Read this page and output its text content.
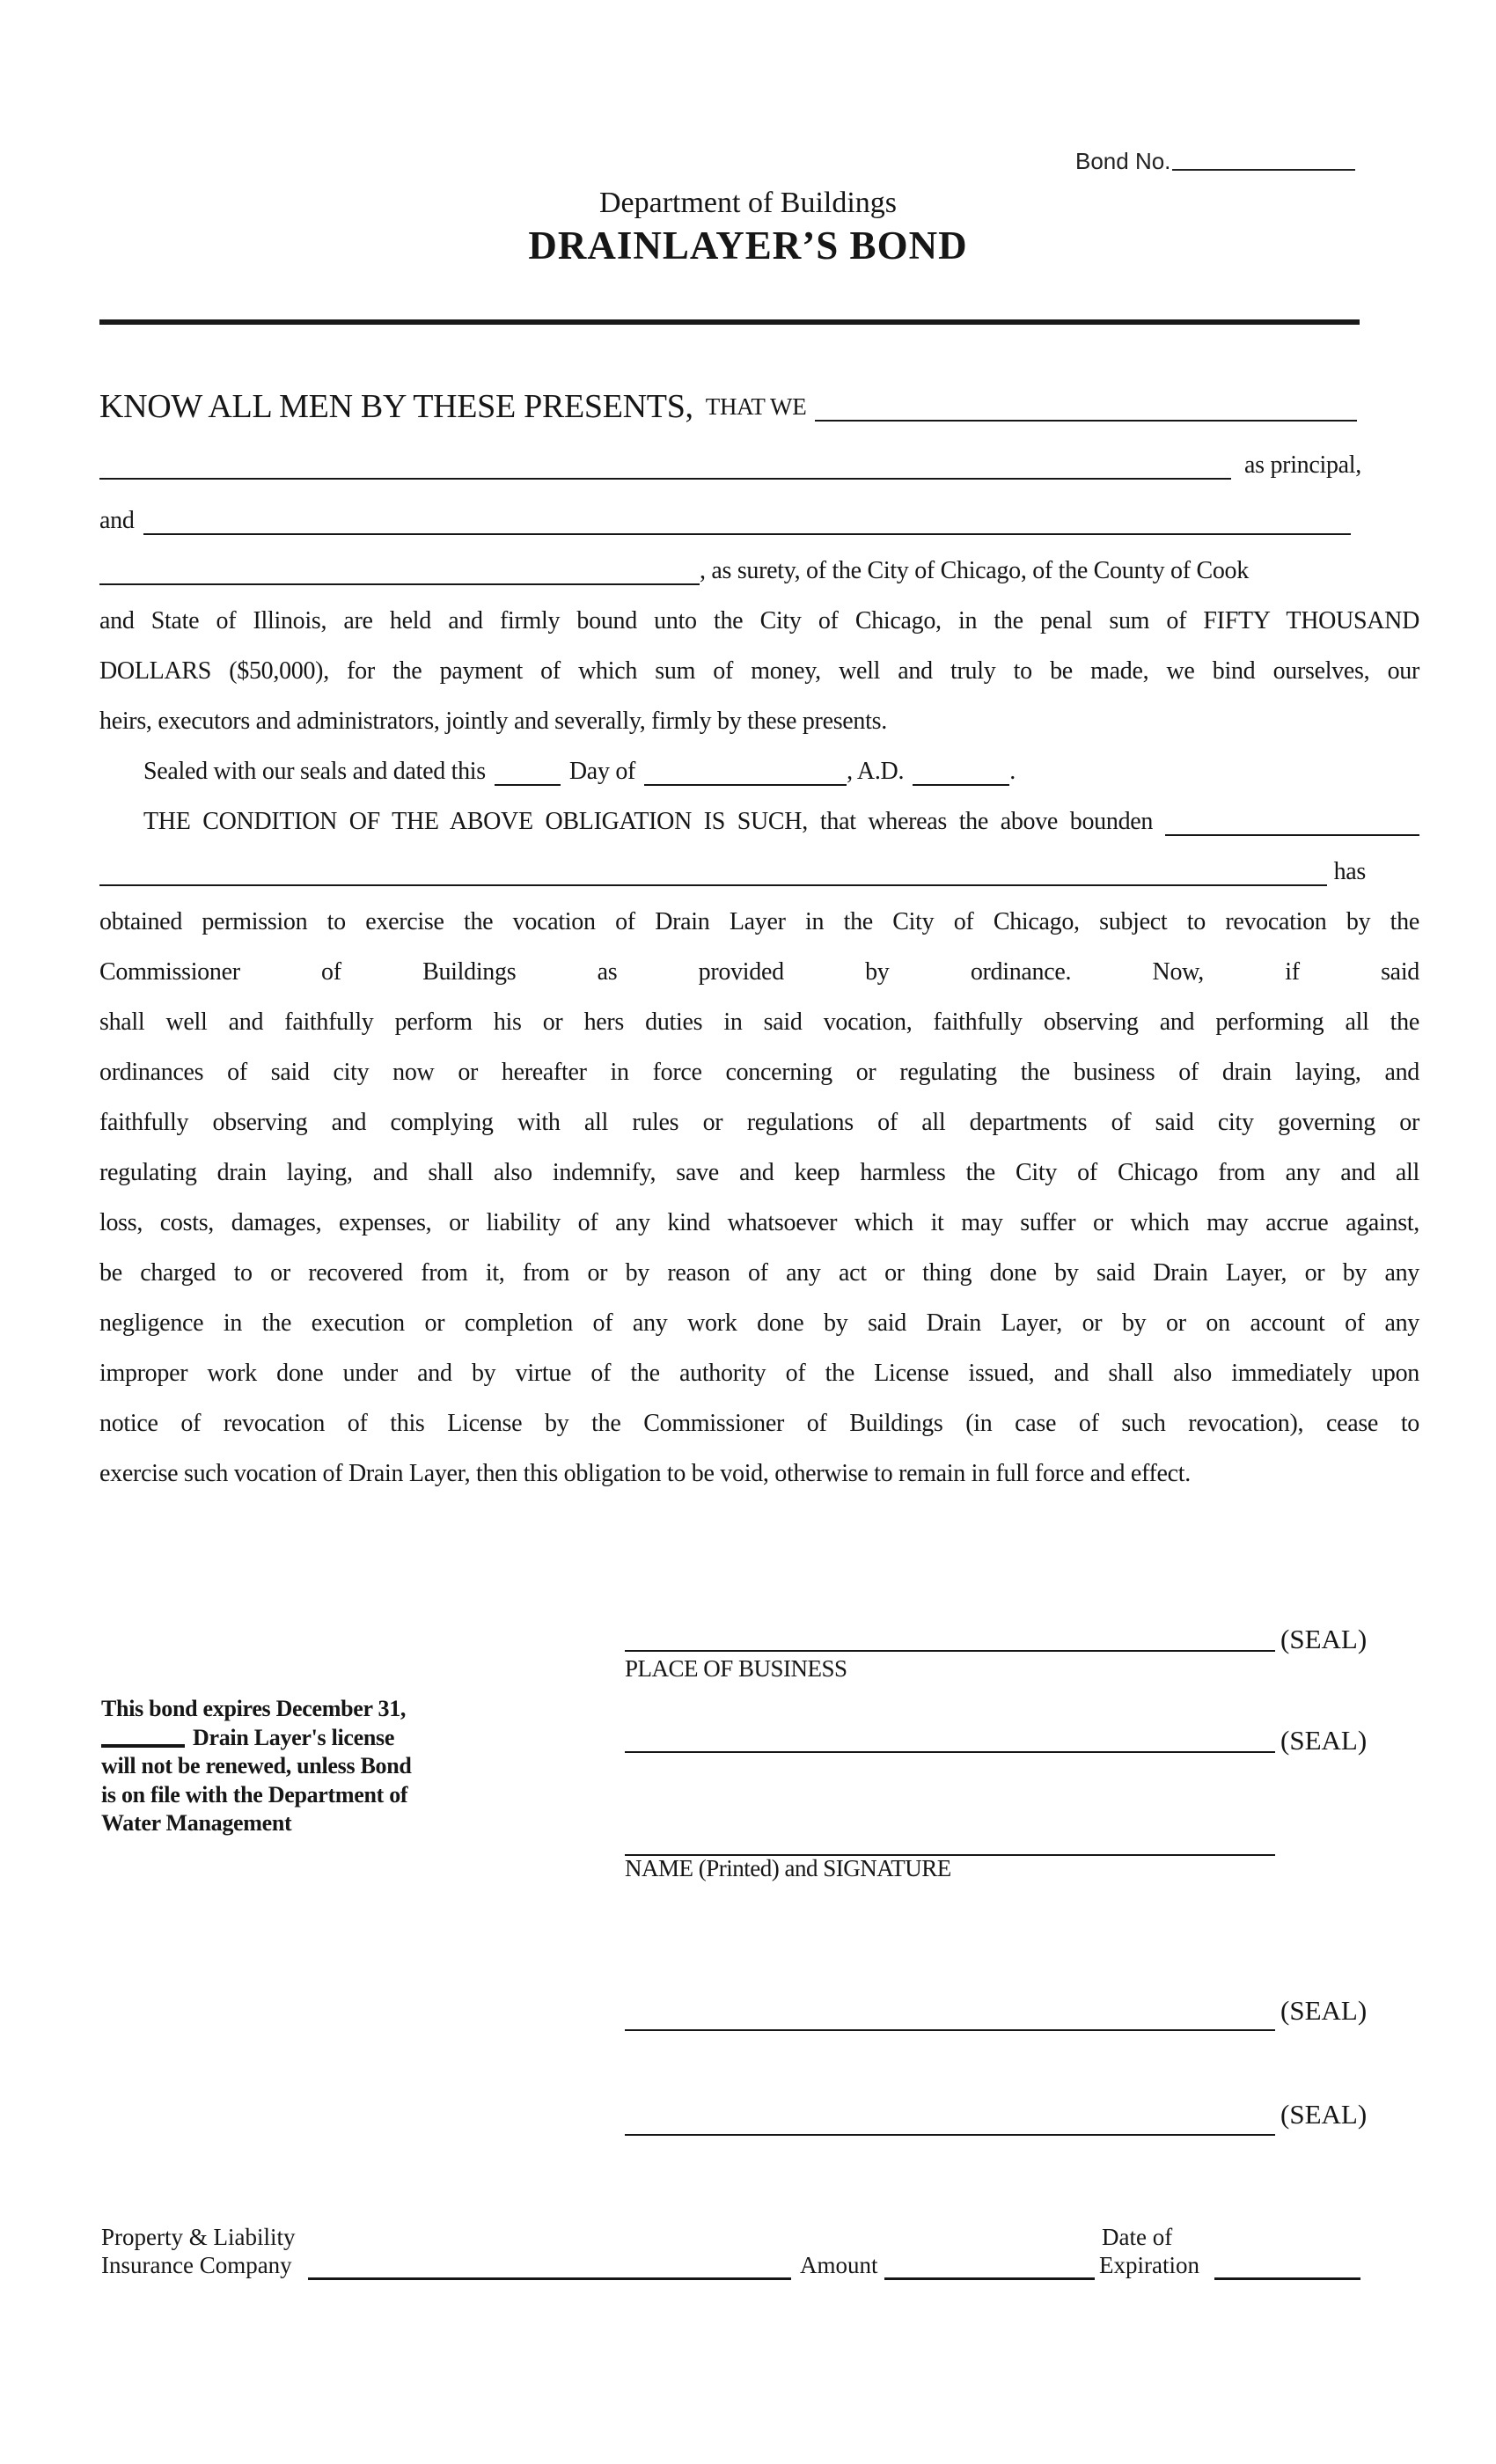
Bond No.
Department of Buildings
DRAINLAYER’S BOND
KNOW ALL MEN BY THESE PRESENTS, THAT WE
as principal,
and
, as surety, of the City of Chicago, of the County of Cook
and State of Illinois, are held and firmly bound unto the City of Chicago, in the penal sum of FIFTY THOUSAND
DOLLARS ($50,000), for the payment of which sum of money, well and truly to be made, we bind ourselves, our
heirs, executors and administrators, jointly and severally, firmly by these presents.
Sealed with our seals and dated this	Day of	, A.D.	.
THE CONDITION OF THE ABOVE OBLIGATION IS SUCH, that whereas the above bounden
has
obtained permission to exercise the vocation of Drain Layer in the City of Chicago, subject to revocation by the
Commissioner of Buildings as provided by ordinance. Now, if said
shall well and faithfully perform his or hers duties in said vocation, faithfully observing and performing all the
ordinances of said city now or hereafter in force concerning or regulating the business of drain laying, and
faithfully observing and complying with all rules or regulations of all departments of said city governing or
regulating drain laying, and shall also indemnify, save and keep harmless the City of Chicago from any and all
loss, costs, damages, expenses, or liability of any kind whatsoever which it may suffer or which may accrue against,
be charged to or recovered from it, from or by reason of any act or thing done by said Drain Layer, or by any
negligence in the execution or completion of any work done by said Drain Layer, or by or on account of any
improper work done under and by virtue of the authority of the License issued, and shall also immediately upon
notice of revocation of this License by the Commissioner of Buildings (in case of such revocation), cease to
exercise such vocation of Drain Layer, then this obligation to be void, otherwise to remain in full force and effect.
(SEAL)
PLACE OF BUSINESS
This bond expires December 31,
Drain Layer's license
will not be renewed, unless Bond
is on file with the Department of
Water Management
(SEAL)
NAME (Printed) and SIGNATURE
(SEAL)
(SEAL)
Property & Liability	Date of
Insurance Company	Amount	Expiration
